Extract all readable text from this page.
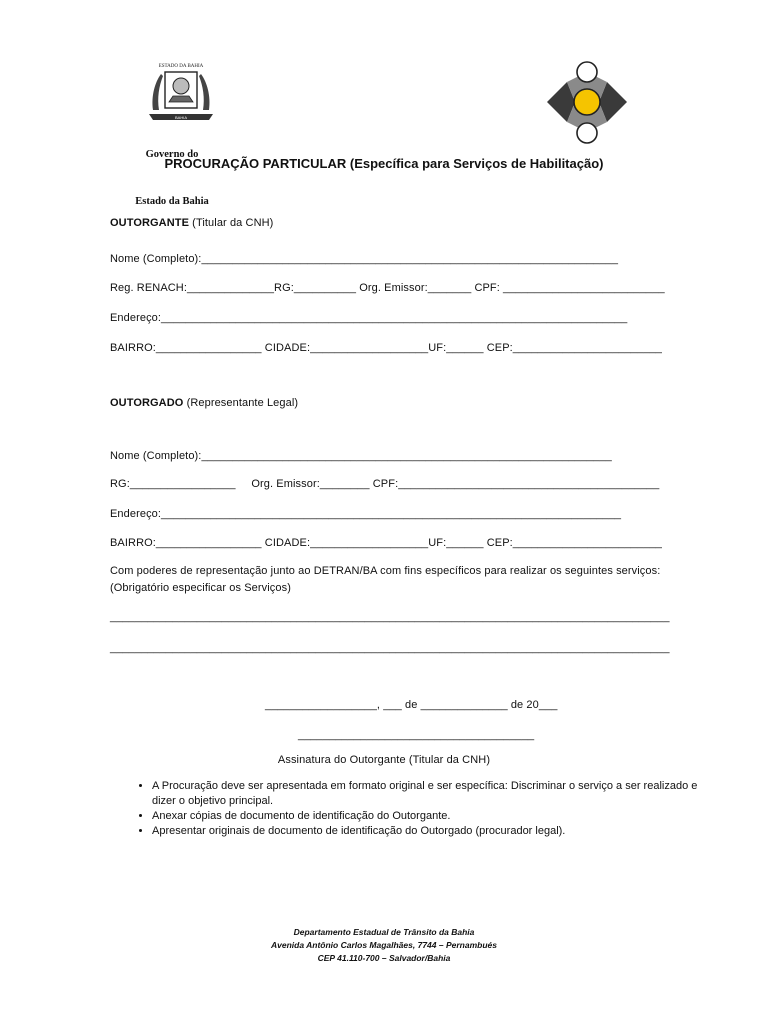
ESTADO DA BAHIA
BAHIA

Governo do

Estado da Bahia

PROCURAÇÃO PARTICULAR (Específica para Serviços de Habilitação)
OUTORGANTE (Titular da CNH)
Nome (Completo):___________________________________________________________________
Reg. RENACH:______________RG:__________ Org. Emissor:_______ CPF: __________________________
Endereço:___________________________________________________________________________
BAIRRO:_________________ CIDADE:___________________UF:______ CEP:________________________
OUTORGADO (Representante Legal)
Nome (Completo):__________________________________________________________________
RG:_________________     Org. Emissor:________ CPF:__________________________________________
Endereço:__________________________________________________________________________
BAIRRO:_________________ CIDADE:___________________UF:______ CEP:________________________
Com poderes de representação junto ao DETRAN/BA com fins específicos para realizar os seguintes serviços:
(Obrigatório especificar os Serviços)
__________________________________________________________________________________________
__________________________________________________________________________________________
__________________, ___ de ______________ de 20___
______________________________________
Assinatura do Outorgante (Titular da CNH)
• A Procuração deve ser apresentada em formato original e ser específica: Discriminar o serviço a ser realizado e dizer o objetivo principal.
• Anexar cópias de documento de identificação do Outorgante.
• Apresentar originais de documento de identificação do Outorgado (procurador legal).
Departamento Estadual de Trânsito da Bahia
Avenida Antônio Carlos Magalhães, 7744 – Pernambués
CEP 41.110-700 – Salvador/Bahia
